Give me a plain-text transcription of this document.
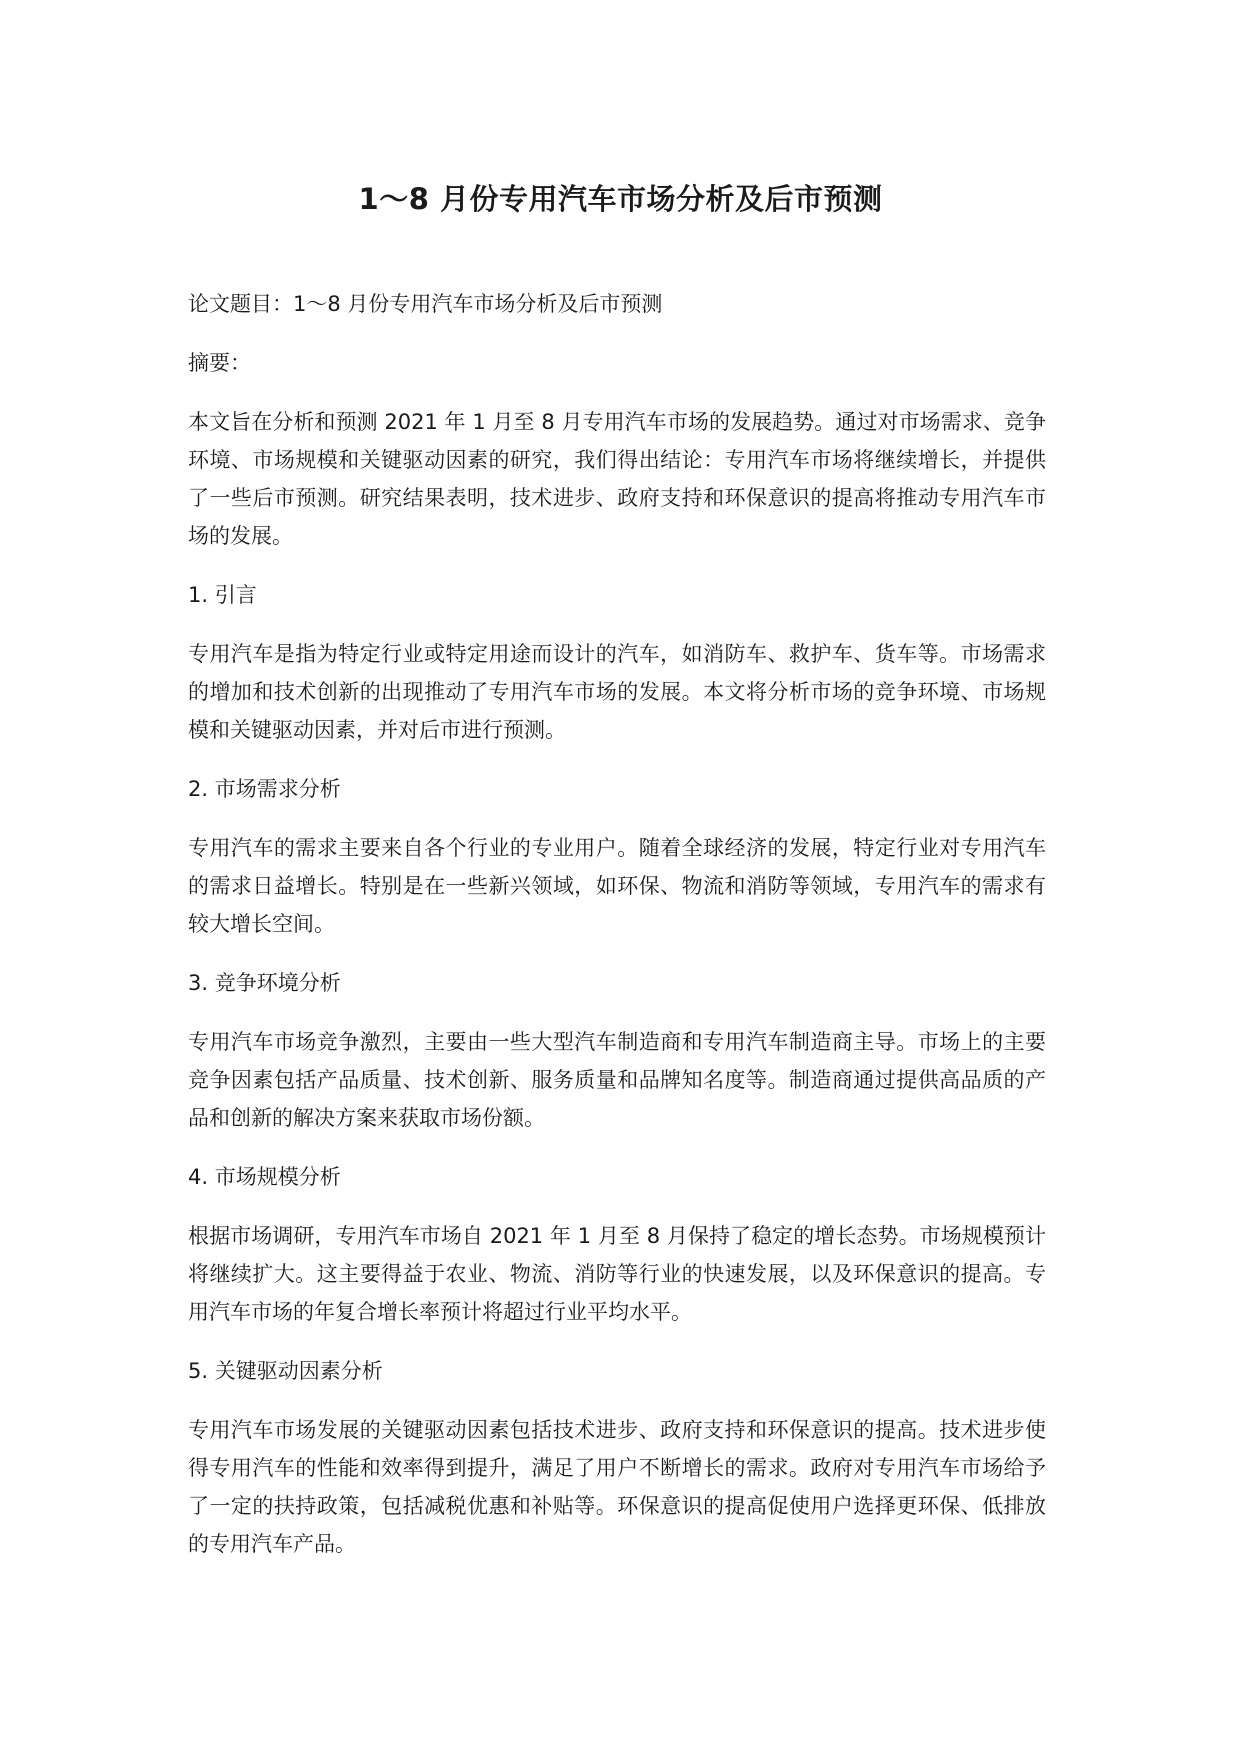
1～8 月份专用汽车市场分析及后市预测
论文题目：1～8 月份专用汽车市场分析及后市预测
摘要：
本文旨在分析和预测 2021 年 1 月至 8 月专用汽车市场的发展趋势。通过对市场需求、竞争环境、市场规模和关键驱动因素的研究，我们得出结论：专用汽车市场将继续增长，并提供了一些后市预测。研究结果表明，技术进步、政府支持和环保意识的提高将推动专用汽车市场的发展。
1. 引言
专用汽车是指为特定行业或特定用途而设计的汽车，如消防车、救护车、货车等。市场需求的增加和技术创新的出现推动了专用汽车市场的发展。本文将分析市场的竞争环境、市场规模和关键驱动因素，并对后市进行预测。
2. 市场需求分析
专用汽车的需求主要来自各个行业的专业用户。随着全球经济的发展，特定行业对专用汽车的需求日益增长。特别是在一些新兴领域，如环保、物流和消防等领域，专用汽车的需求有较大增长空间。
3. 竞争环境分析
专用汽车市场竞争激烈，主要由一些大型汽车制造商和专用汽车制造商主导。市场上的主要竞争因素包括产品质量、技术创新、服务质量和品牌知名度等。制造商通过提供高品质的产品和创新的解决方案来获取市场份额。
4. 市场规模分析
根据市场调研，专用汽车市场自 2021 年 1 月至 8 月保持了稳定的增长态势。市场规模预计将继续扩大。这主要得益于农业、物流、消防等行业的快速发展，以及环保意识的提高。专用汽车市场的年复合增长率预计将超过行业平均水平。
5. 关键驱动因素分析
专用汽车市场发展的关键驱动因素包括技术进步、政府支持和环保意识的提高。技术进步使得专用汽车的性能和效率得到提升，满足了用户不断增长的需求。政府对专用汽车市场给予了一定的扶持政策，包括减税优惠和补贴等。环保意识的提高促使用户选择更环保、低排放的专用汽车产品。
